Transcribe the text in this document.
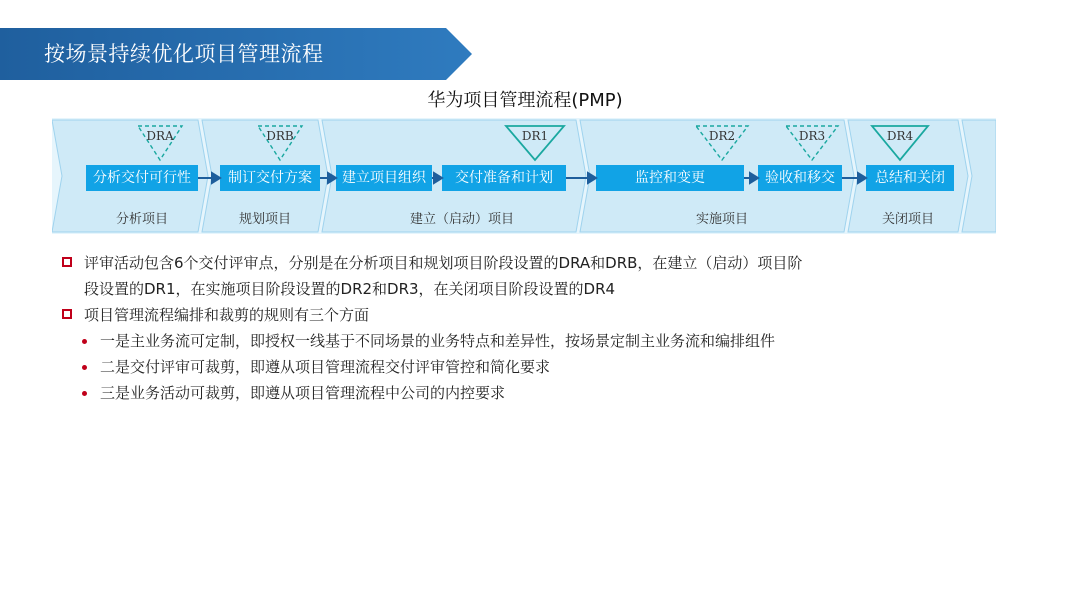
按场景持续优化项目管理流程
华为项目管理流程(PMP)
DRA	DRB	DR1	DR2	DR3	DR4
分析交付可行性	制订交付方案	建立项目组织	交付准备和计划	监控和变更	验收和移交	总结和关闭
分析项目	规划项目	建立（启动）项目	实施项目	关闭项目
评审活动包含6个交付评审点，分别是在分析项目和规划项目阶段设置的DRA和DRB，在建立（启动）项目阶
段设置的DR1，在实施项目阶段设置的DR2和DR3，在关闭项目阶段设置的DR4
项目管理流程编排和裁剪的规则有三个方面
一是主业务流可定制，即授权一线基于不同场景的业务特点和差异性，按场景定制主业务流和编排组件
二是交付评审可裁剪，即遵从项目管理流程交付评审管控和简化要求
三是业务活动可裁剪，即遵从项目管理流程中公司的内控要求
